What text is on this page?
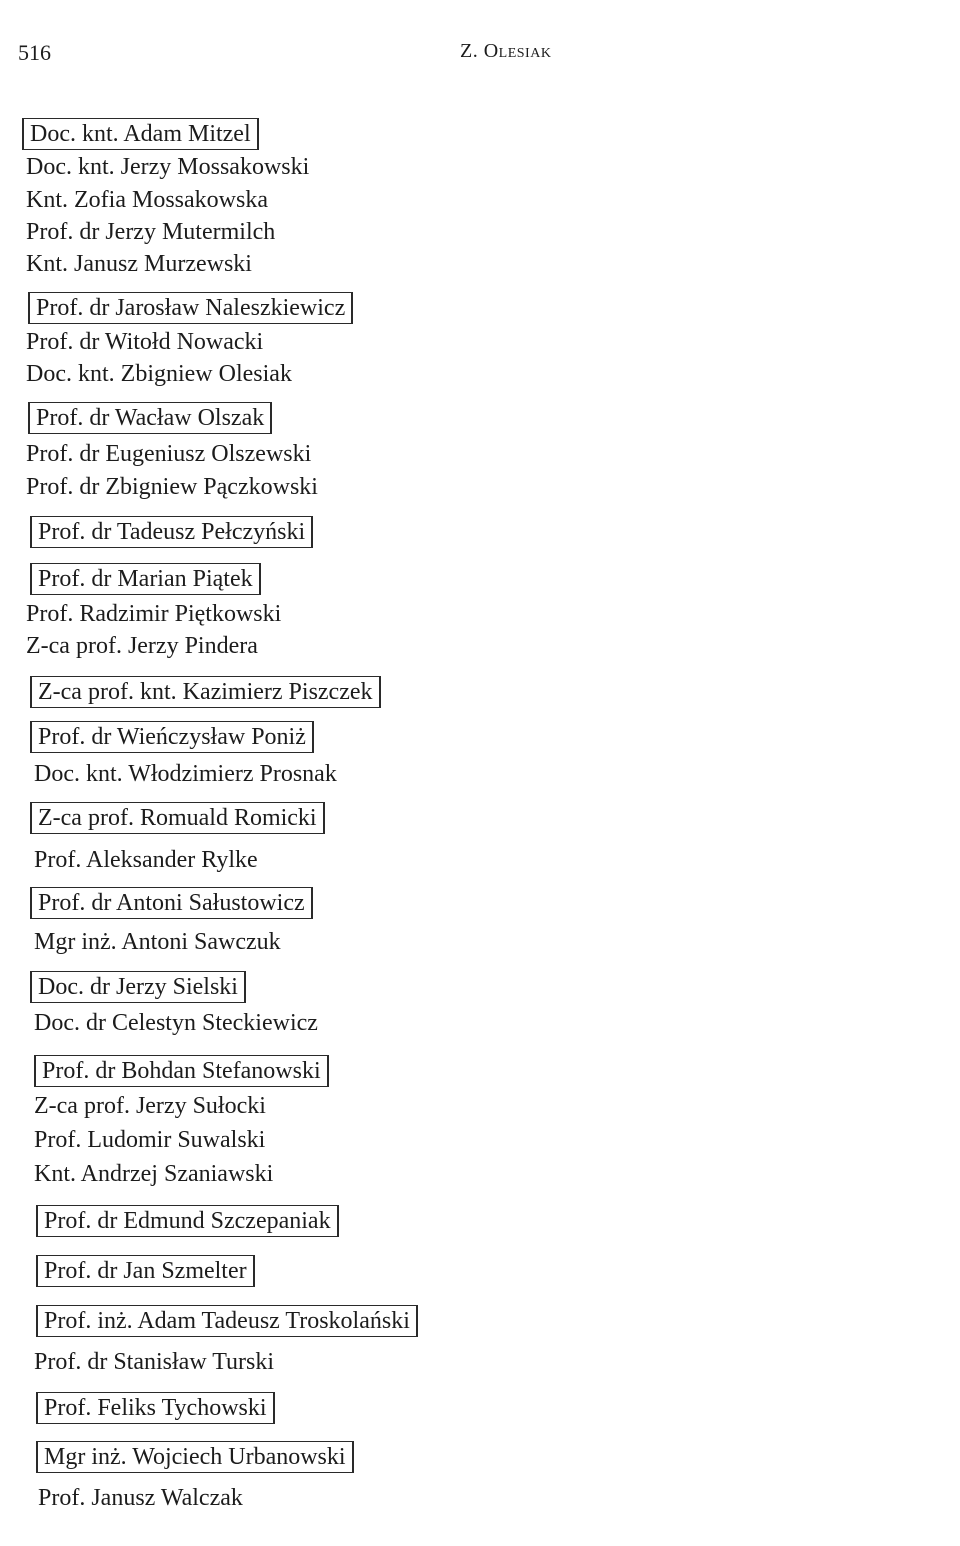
516	Z. Olesiak
Doc. knt. Adam Mitzel
Doc. knt. Jerzy Mossakowski
Knt. Zofia Mossakowska
Prof. dr Jerzy Mutermilch
Knt. Janusz Murzewski
Prof. dr Jarosław Naleszkiewicz
Prof. dr Witołd Nowacki
Doc. knt. Zbigniew Olesiak
Prof. dr Wacław Olszak
Prof. dr Eugeniusz Olszewski
Prof. dr Zbigniew Pączkowski
Prof. dr Tadeusz Pełczyński
Prof. dr Marian Piątek
Prof. Radzimir Piętkowski
Z-ca prof. Jerzy Pindera
Z-ca prof. knt. Kazimierz Piszczek
Prof. dr Wieńczysław Poniż
Doc. knt. Włodzimierz Prosnak
Z-ca prof. Romuald Romicki
Prof. Aleksander Rylke
Prof. dr Antoni Sałustowicz
Mgr inż. Antoni Sawczuk
Doc. dr Jerzy Sielski
Doc. dr Celestyn Steckiewicz
Prof. dr Bohdan Stefanowski
Z-ca prof. Jerzy Sułocki
Prof. Ludomir Suwalski
Knt. Andrzej Szaniawski
Prof. dr Edmund Szczepaniak
Prof. dr Jan Szmelter
Prof. inż. Adam Tadeusz Troskolański
Prof. dr Stanisław Turski
Prof. Feliks Tychowski
Mgr inż. Wojciech Urbanowski
Prof. Janusz Walczak
